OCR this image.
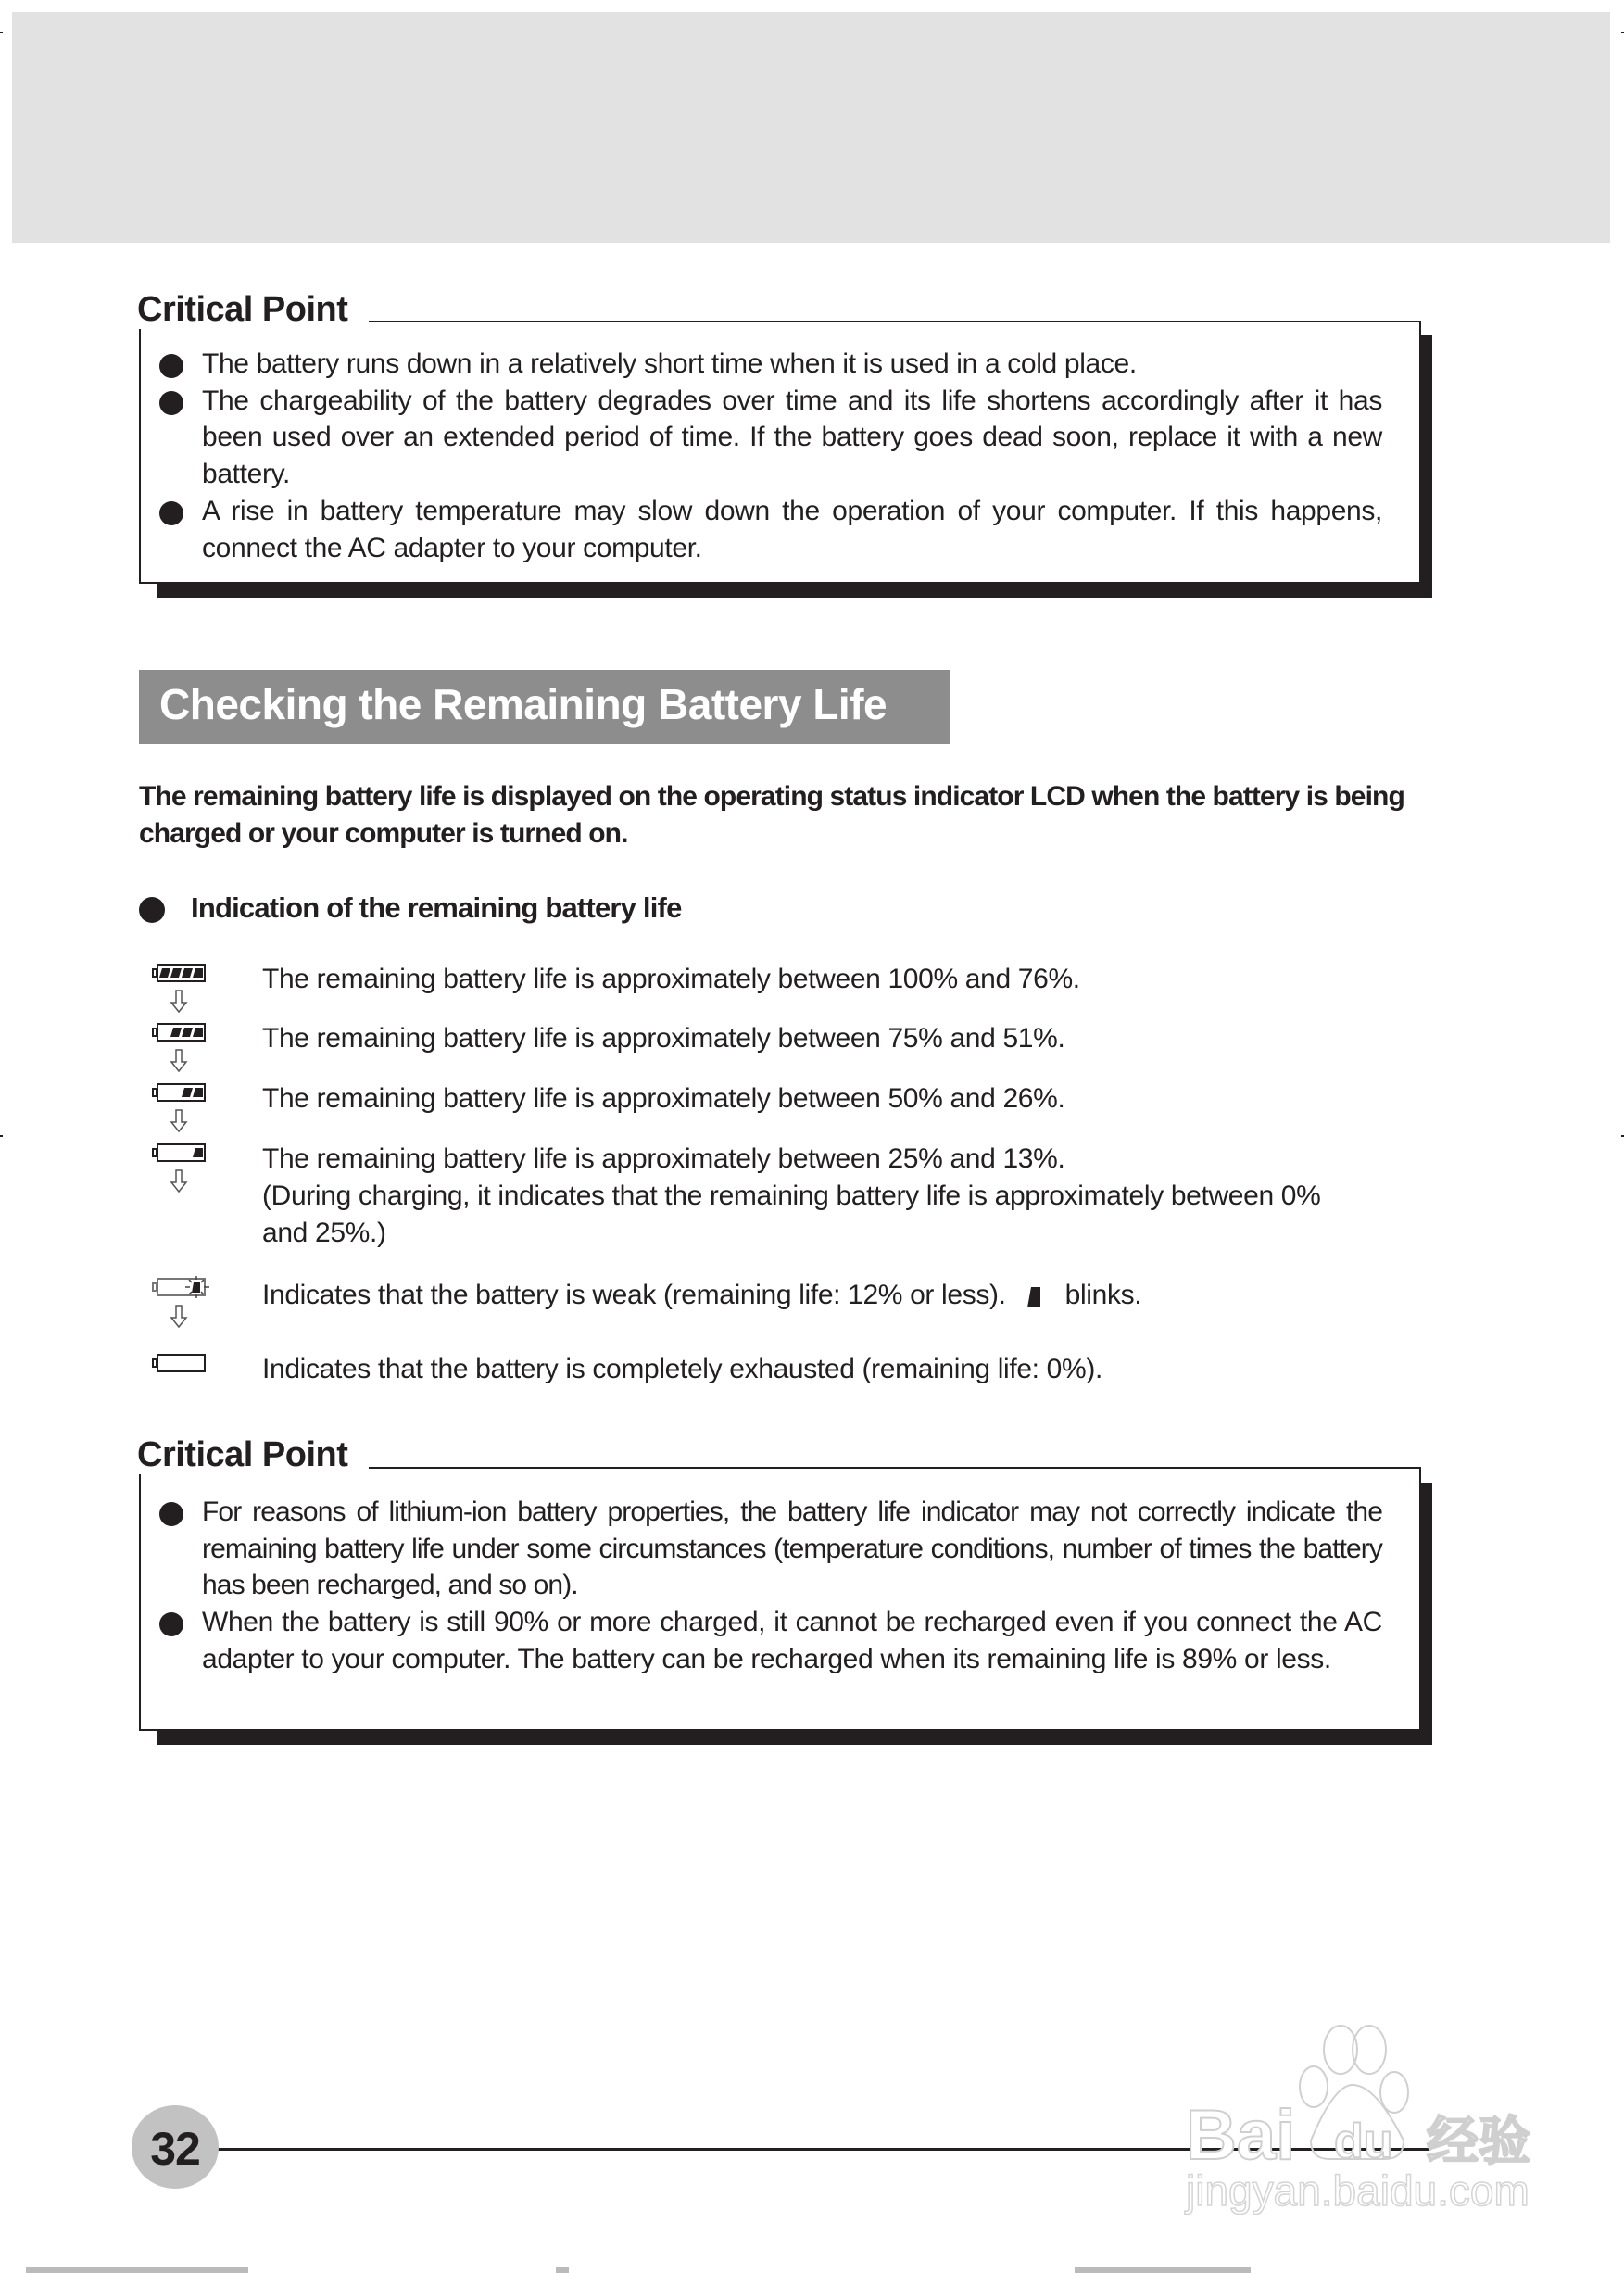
The battery runs down in a relatively short time when it is used in a cold place.
The chargeability of the battery degrades over time and its life shortens accordingly after it has been used over an extended period of time. If the battery goes dead soon, replace it with a new battery.
A rise in battery temperature may slow down the operation of your computer. If this happens, connect the AC adapter to your computer.
Critical Point
Checking the Remaining Battery Life
The remaining battery life is displayed on the operating status indicator LCD when the battery is being charged or your computer is turned on.
Indication of the remaining battery life
The remaining battery life is approximately between 100% and 76%.
The remaining battery life is approximately between 75% and 51%.
The remaining battery life is approximately between 50% and 26%.
The remaining battery life is approximately between 25% and 13%.
(During charging, it indicates that the remaining battery life is approximately between 0%
and 25%.)
Indicates that the battery is weak (remaining life: 12% or less). blinks.
Indicates that the battery is completely exhausted (remaining life: 0%).
For reasons of lithium-ion battery properties, the battery life indicator may not correctly indicate the remaining battery life under some circumstances (temperature conditions, number of times the battery has been recharged, and so on).
When the battery is still 90% or more charged, it cannot be recharged even if you connect the AC adapter to your computer. The battery can be recharged when its remaining life is 89% or less.
Critical Point
32	Bai du 经验
jingyan.baidu.com
